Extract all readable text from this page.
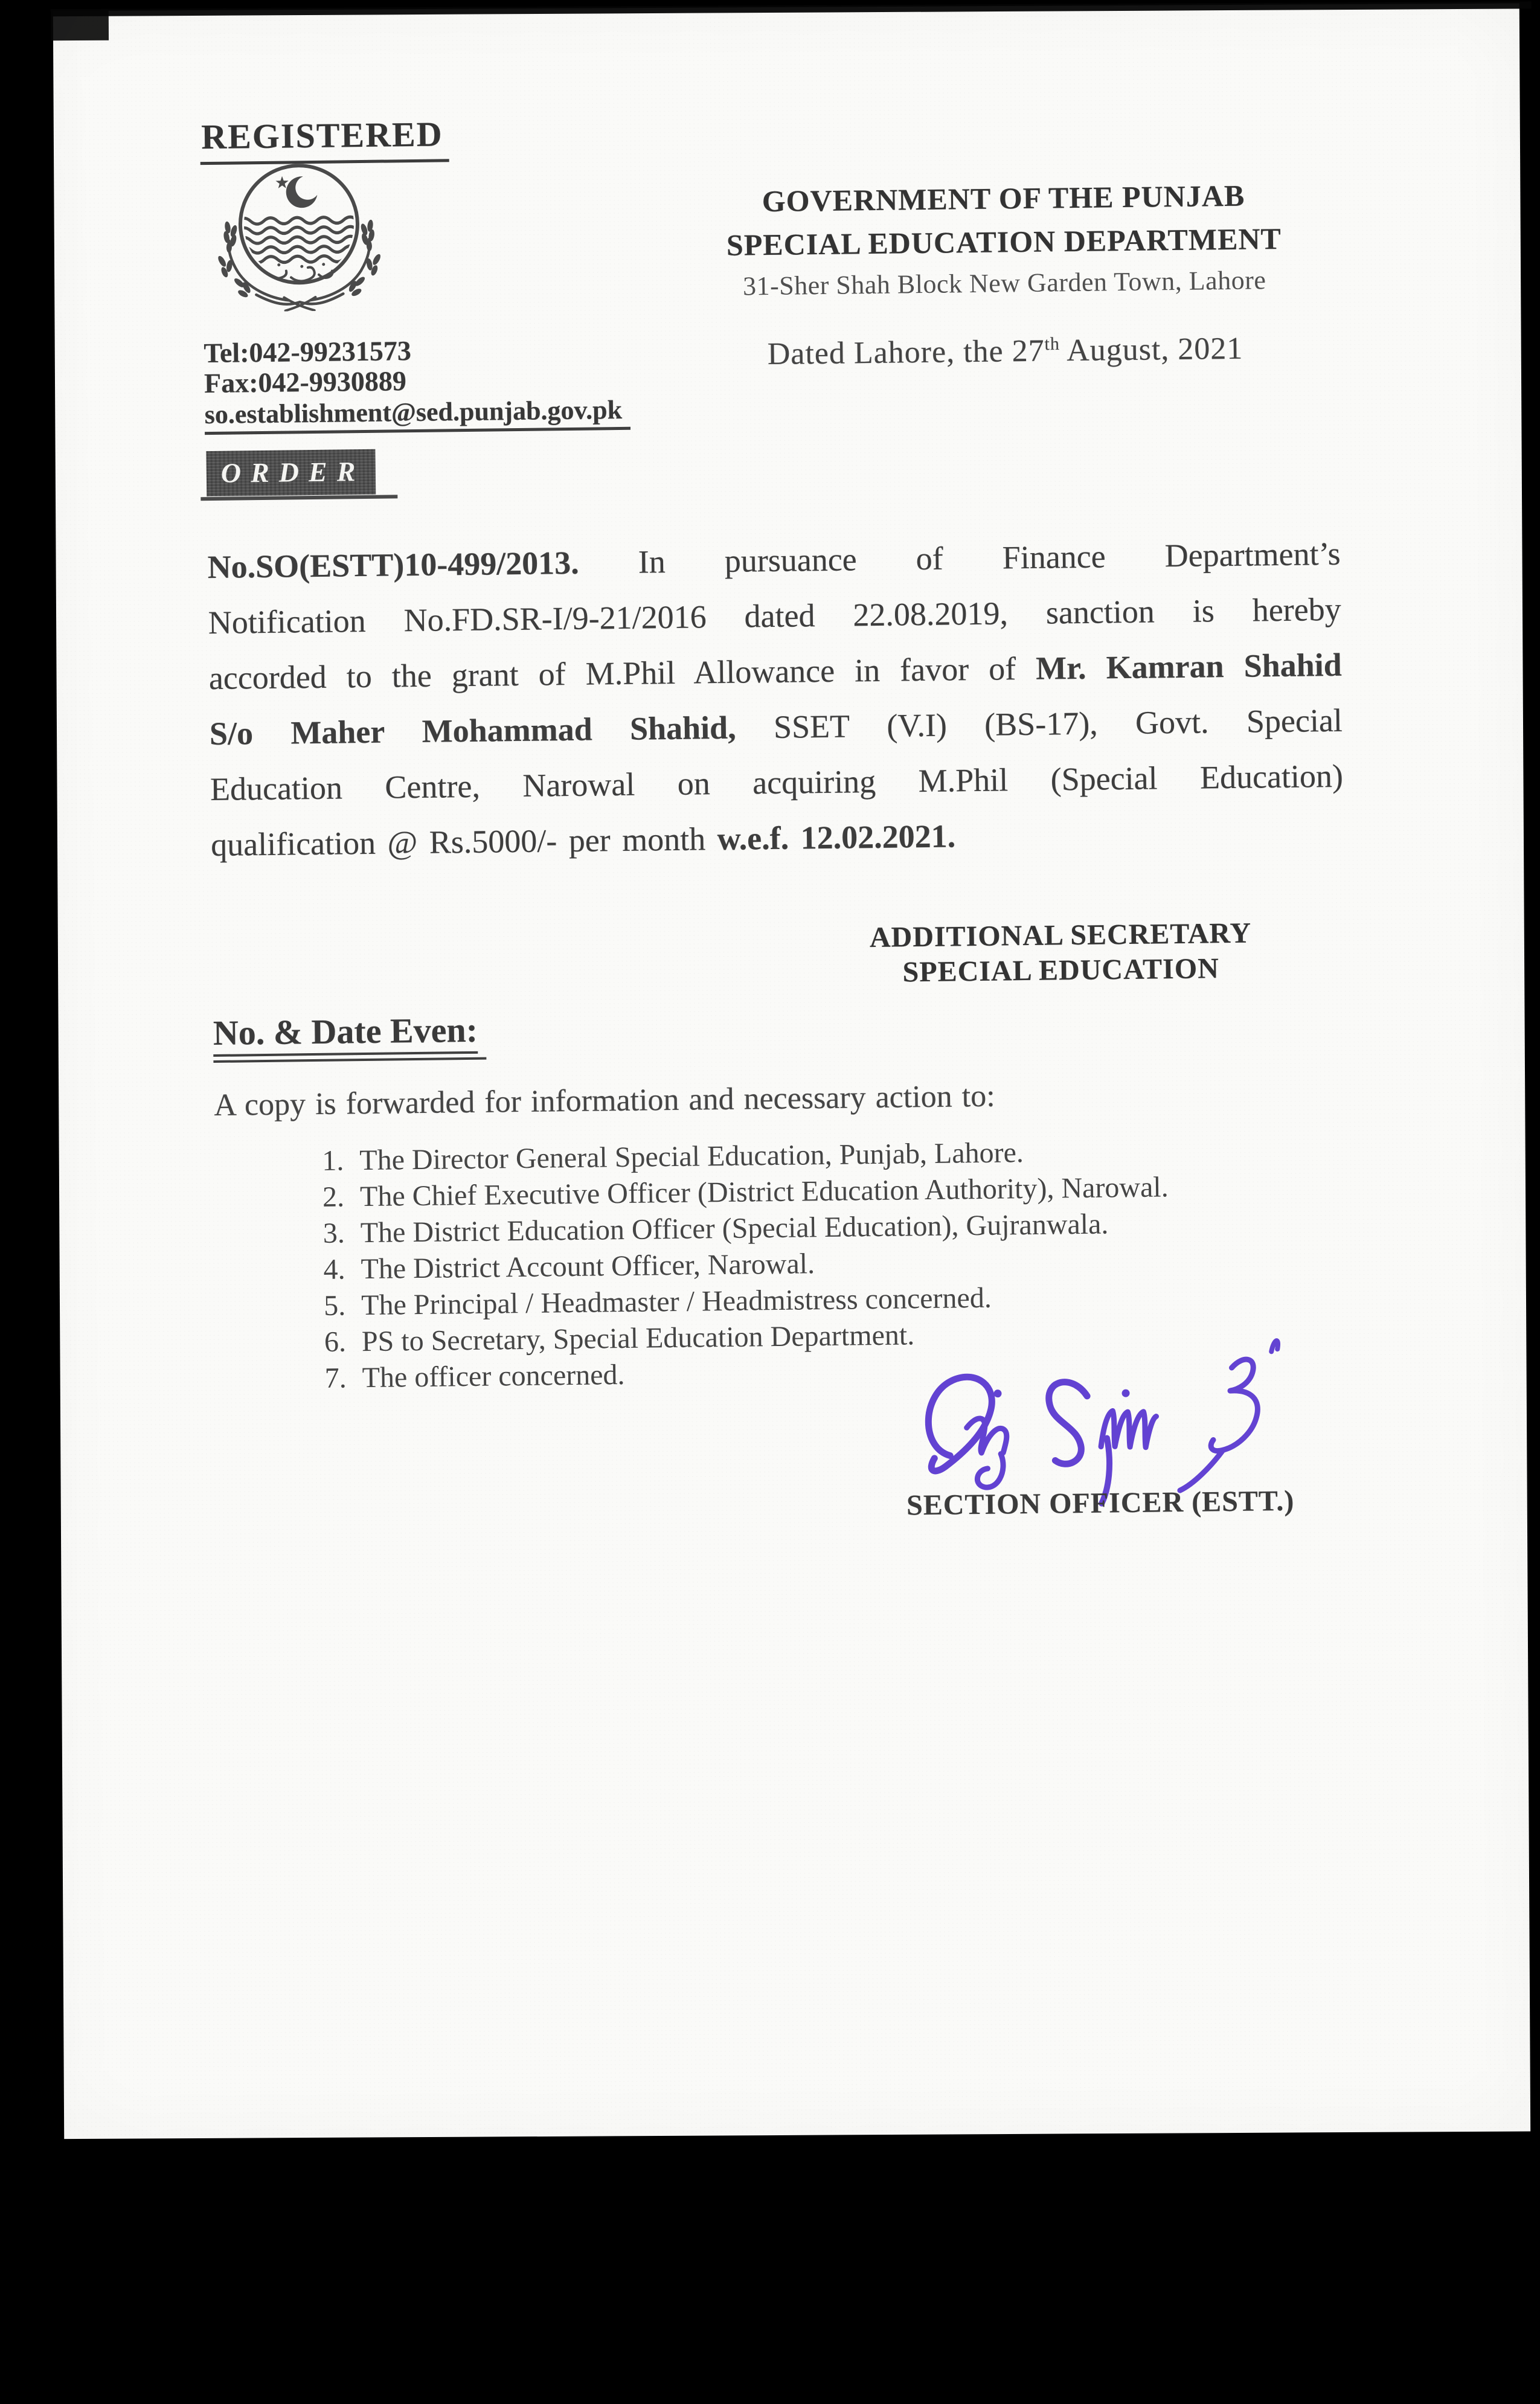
REGISTERED
Tel:042-99231573
Fax:042-9930889
so.establishment@sed.punjab.gov.pk
GOVERNMENT OF THE PUNJAB
SPECIAL EDUCATION DEPARTMENT
31-Sher Shah Block New Garden Town, Lahore
Dated Lahore, the 27th August, 2021
ORDER
No.SO(ESTT)10-499/2013. In pursuance of Finance Department’s
Notification No.FD.SR-I/9-21/2016 dated 22.08.2019, sanction is hereby
accorded to the grant of M.Phil Allowance in favor of Mr. Kamran Shahid
S/o Maher Mohammad Shahid, SSET (V.I) (BS-17), Govt. Special
Education Centre, Narowal on acquiring M.Phil (Special Education)
qualification @ Rs.5000/- per month w.e.f. 12.02.2021.
ADDITIONAL SECRETARY
SPECIAL EDUCATION
No. & Date Even:
A copy is forwarded for information and necessary action to:
1. The Director General Special Education, Punjab, Lahore.
2. The Chief Executive Officer (District Education Authority), Narowal.
3. The District Education Officer (Special Education), Gujranwala.
4. The District Account Officer, Narowal.
5. The Principal / Headmaster / Headmistress concerned.
6. PS to Secretary, Special Education Department.
7. The officer concerned.
SECTION OFFICER (ESTT.)
